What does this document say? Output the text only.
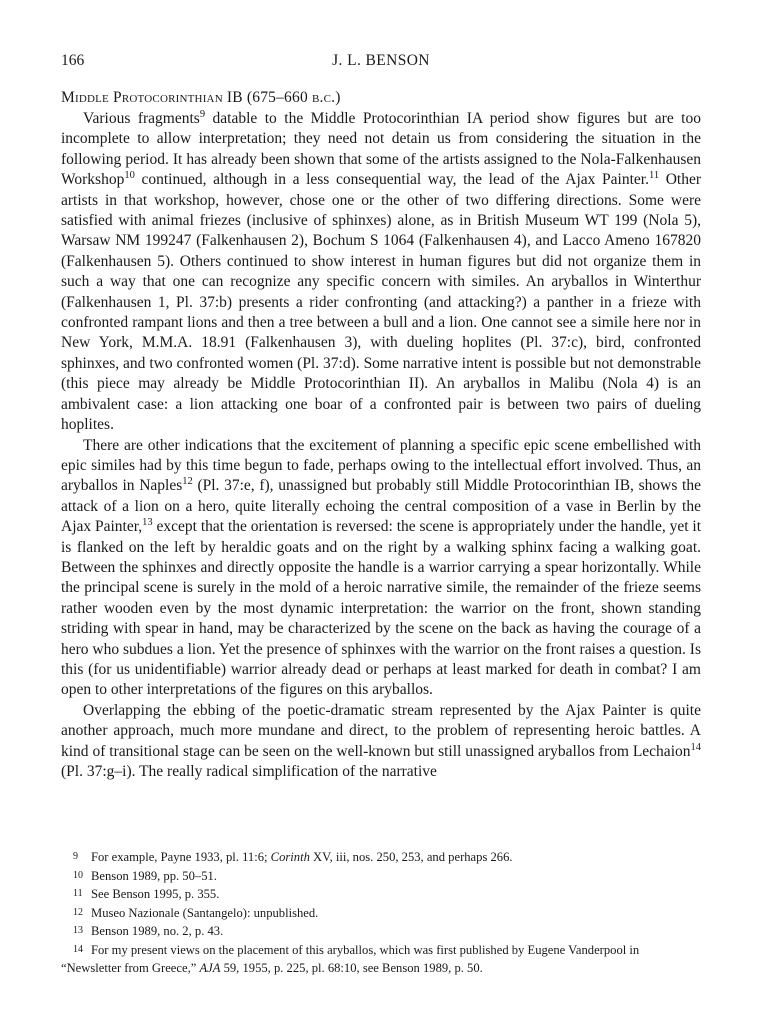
166	J. L. BENSON
Middle Protocorinthian IB (675–660 b.c.)

Various fragments$^9$ datable to the Middle Protocorinthian IA period show figures but are too incomplete to allow interpretation; they need not detain us from considering the situation in the following period. It has already been shown that some of the artists assigned to the Nola-Falkenhausen Workshop$^{10}$ continued, although in a less consequential way, the lead of the Ajax Painter.$^{11}$ Other artists in that workshop, however, chose one or the other of two differing directions. Some were satisfied with animal friezes (inclusive of sphinxes) alone, as in British Museum WT 199 (Nola 5), Warsaw NM 199247 (Falkenhausen 2), Bochum S 1064 (Falkenhausen 4), and Lacco Ameno 167820 (Falkenhausen 5). Others continued to show interest in human figures but did not organize them in such a way that one can recognize any specific concern with similes. An aryballos in Winterthur (Falkenhausen 1, Pl. 37:b) presents a rider confronting (and attacking?) a panther in a frieze with confronted rampant lions and then a tree between a bull and a lion. One cannot see a simile here nor in New York, M.M.A. 18.91 (Falkenhausen 3), with dueling hoplites (Pl. 37:c), bird, confronted sphinxes, and two confronted women (Pl. 37:d). Some narrative intent is possible but not demonstrable (this piece may already be Middle Protocorinthian II). An aryballos in Malibu (Nola 4) is an ambivalent case: a lion attacking one boar of a confronted pair is between two pairs of dueling hoplites.

There are other indications that the excitement of planning a specific epic scene embellished with epic similes had by this time begun to fade, perhaps owing to the intellectual effort involved. Thus, an aryballos in Naples$^{12}$ (Pl. 37:e, f), unassigned but probably still Middle Protocorinthian IB, shows the attack of a lion on a hero, quite literally echoing the central composition of a vase in Berlin by the Ajax Painter,$^{13}$ except that the orientation is reversed: the scene is appropriately under the handle, yet it is flanked on the left by heraldic goats and on the right by a walking sphinx facing a walking goat. Between the sphinxes and directly opposite the handle is a warrior carrying a spear horizontally. While the principal scene is surely in the mold of a heroic narrative simile, the remainder of the frieze seems rather wooden even by the most dynamic interpretation: the warrior on the front, shown standing striding with spear in hand, may be characterized by the scene on the back as having the courage of a hero who subdues a lion. Yet the presence of sphinxes with the warrior on the front raises a question. Is this (for us unidentifiable) warrior already dead or perhaps at least marked for death in combat? I am open to other interpretations of the figures on this aryballos.

Overlapping the ebbing of the poetic-dramatic stream represented by the Ajax Painter is quite another approach, much more mundane and direct, to the problem of representing heroic battles. A kind of transitional stage can be seen on the well-known but still unassigned aryballos from Lechaion$^{14}$ (Pl. 37:g–i). The really radical simplification of the narrative

9 For example, Payne 1933, pl. 11:6; Corinth XV, iii, nos. 250, 253, and perhaps 266.

10 Benson 1989, pp. 50–51.

11 See Benson 1995, p. 355.

12 Museo Nazionale (Santangelo): unpublished.

13 Benson 1989, no. 2, p. 43.

14 For my present views on the placement of this aryballos, which was first published by Eugene Vanderpool in “Newsletter from Greece,” AJA 59, 1955, p. 225, pl. 68:10, see Benson 1989, p. 50.
